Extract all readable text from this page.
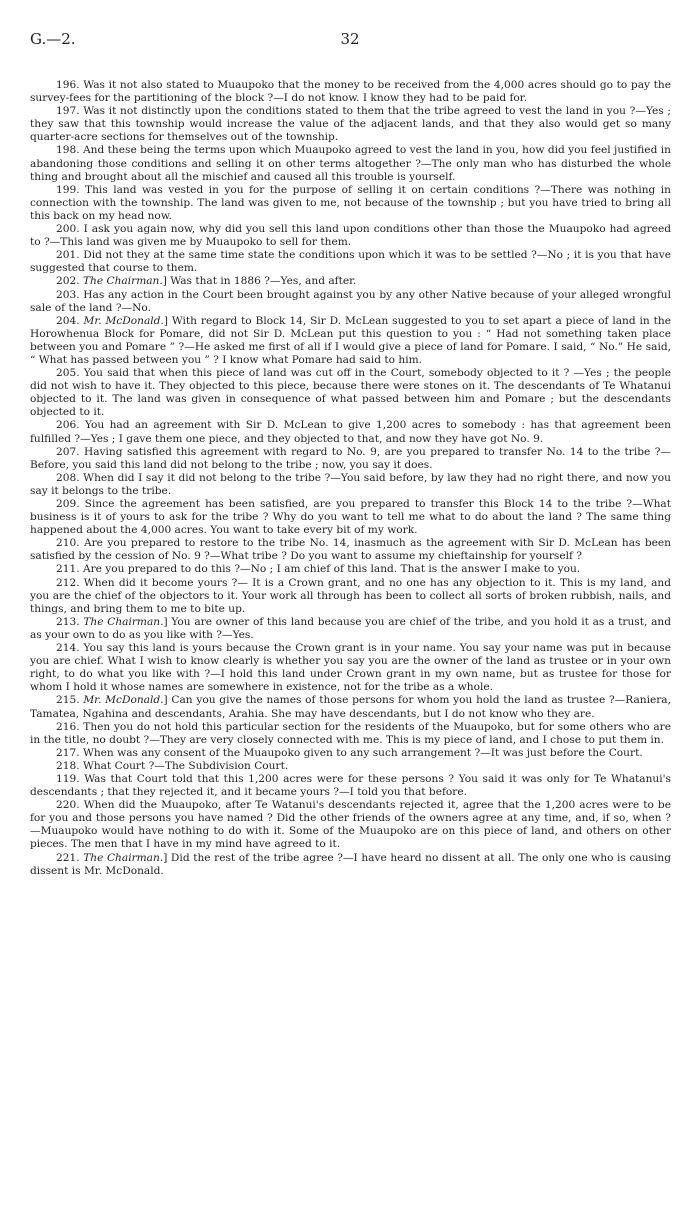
G.—2.	32

196. Was it not also stated to Muaupoko that the money to be received from the 4,000 acres should go to pay the survey-fees for the partitioning of the block ?—I do not know. I know they had to be paid for.

197. Was it not distinctly upon the conditions stated to them that the tribe agreed to vest the land in you ?—Yes ; they saw that this township would increase the value of the adjacent lands, and that they also would get so many quarter-acre sections for themselves out of the township.

198. And these being the terms upon which Muaupoko agreed to vest the land in you, how did you feel justified in abandoning those conditions and selling it on other terms altogether ?—The only man who has disturbed the whole thing and brought about all the mischief and caused all this trouble is yourself.

199. This land was vested in you for the purpose of selling it on certain conditions ?—There was nothing in connection with the township. The land was given to me, not because of the township ; but you have tried to bring all this back on my head now.

200. I ask you again now, why did you sell this land upon conditions other than those the Muaupoko had agreed to ?—This land was given me by Muaupoko to sell for them.

201. Did not they at the same time state the conditions upon which it was to be settled ?—No ; it is you that have suggested that course to them.

202. The Chairman.] Was that in 1886 ?—Yes, and after.

203. Has any action in the Court been brought against you by any other Native because of your alleged wrongful sale of the land ?—No.

204. Mr. McDonald.] With regard to Block 14, Sir D. McLean suggested to you to set apart a piece of land in the Horowhenua Block for Pomare, did not Sir D. McLean put this question to you : “ Had not something taken place between you and Pomare ” ?—He asked me first of all if I would give a piece of land for Pomare. I said, “ No.” He said, “ What has passed between you ” ? I know what Pomare had said to him.

205. You said that when this piece of land was cut off in the Court, somebody objected to it ? —Yes ; the people did not wish to have it. They objected to this piece, because there were stones on it. The descendants of Te Whatanui objected to it. The land was given in consequence of what passed between him and Pomare ; but the descendants objected to it.

206. You had an agreement with Sir D. McLean to give 1,200 acres to somebody : has that agreement been fulfilled ?—Yes ; I gave them one piece, and they objected to that, and now they have got No. 9.

207. Having satisfied this agreement with regard to No. 9, are you prepared to transfer No. 14 to the tribe ?—Before, you said this land did not belong to the tribe ; now, you say it does.

208. When did I say it did not belong to the tribe ?—You said before, by law they had no right there, and now you say it belongs to the tribe.

209. Since the agreement has been satisfied, are you prepared to transfer this Block 14 to the tribe ?—What business is it of yours to ask for the tribe ? Why do you want to tell me what to do about the land ? The same thing happened about the 4,000 acres. You want to take every bit of my work.

210. Are you prepared to restore to the tribe No. 14, inasmuch as the agreement with Sir D. McLean has been satisfied by the cession of No. 9 ?—What tribe ? Do you want to assume my chieftainship for yourself ?

211. Are you prepared to do this ?—No ; I am chief of this land. That is the answer I make to you.

212. When did it become yours ?— It is a Crown grant, and no one has any objection to it. This is my land, and you are the chief of the objectors to it. Your work all through has been to collect all sorts of broken rubbish, nails, and things, and bring them to me to bite up.

213. The Chairman.] You are owner of this land because you are chief of the tribe, and you hold it as a trust, and as your own to do as you like with ?—Yes.

214. You say this land is yours because the Crown grant is in your name. You say your name was put in because you are chief. What I wish to know clearly is whether you say you are the owner of the land as trustee or in your own right, to do what you like with ?—I hold this land under Crown grant in my own name, but as trustee for those for whom I hold it whose names are somewhere in existence, not for the tribe as a whole.

215. Mr. McDonald.] Can you give the names of those persons for whom you hold the land as trustee ?—Raniera, Tamatea, Ngahina and descendants, Arahia. She may have descendants, but I do not know who they are.

216. Then you do not hold this particular section for the residents of the Muaupoko, but for some others who are in the title, no doubt ?—They are very closely connected with me. This is my piece of land, and I chose to put them in.

217. When was any consent of the Muaupoko given to any such arrangement ?—It was just before the Court.

218. What Court ?—The Subdivision Court.

119. Was that Court told that this 1,200 acres were for these persons ? You said it was only for Te Whatanui's descendants ; that they rejected it, and it became yours ?—I told you that before.

220. When did the Muaupoko, after Te Watanui's descendants rejected it, agree that the 1,200 acres were to be for you and those persons you have named ? Did the other friends of the owners agree at any time, and, if so, when ?—Muaupoko would have nothing to do with it. Some of the Muaupoko are on this piece of land, and others on other pieces. The men that I have in my mind have agreed to it.

221. The Chairman.] Did the rest of the tribe agree ?—I have heard no dissent at all. The only one who is causing dissent is Mr. McDonald.
